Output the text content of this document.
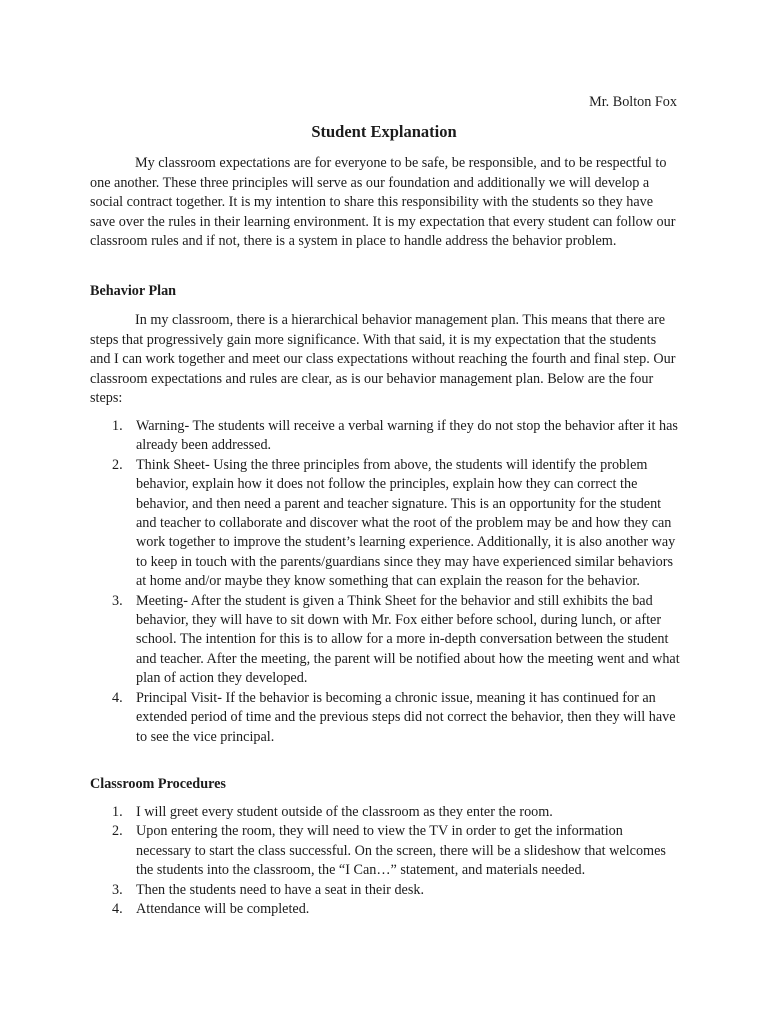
Mr. Bolton Fox
Student Explanation

My classroom expectations are for everyone to be safe, be responsible, and to be respectful to one another. These three principles will serve as our foundation and additionally we will develop a social contract together. It is my intention to share this responsibility with the students so they have save over the rules in their learning environment. It is my expectation that every student can follow our classroom rules and if not, there is a system in place to handle address the behavior problem.

Behavior Plan

In my classroom, there is a hierarchical behavior management plan. This means that there are steps that progressively gain more significance. With that said, it is my expectation that the students and I can work together and meet our class expectations without reaching the fourth and final step. Our classroom expectations and rules are clear, as is our behavior management plan. Below are the four steps:

1. Warning- The students will receive a verbal warning if they do not stop the behavior after it has already been addressed.
2. Think Sheet- Using the three principles from above, the students will identify the problem behavior, explain how it does not follow the principles, explain how they can correct the behavior, and then need a parent and teacher signature. This is an opportunity for the student and teacher to collaborate and discover what the root of the problem may be and how they can work together to improve the student’s learning experience. Additionally, it is also another way to keep in touch with the parents/guardians since they may have experienced similar behaviors at home and/or maybe they know something that can explain the reason for the behavior.
3. Meeting- After the student is given a Think Sheet for the behavior and still exhibits the bad behavior, they will have to sit down with Mr. Fox either before school, during lunch, or after school. The intention for this is to allow for a more in-depth conversation between the student and teacher. After the meeting, the parent will be notified about how the meeting went and what plan of action they developed.
4. Principal Visit- If the behavior is becoming a chronic issue, meaning it has continued for an extended period of time and the previous steps did not correct the behavior, then they will have to see the vice principal.
Classroom Procedures
1. I will greet every student outside of the classroom as they enter the room.
2. Upon entering the room, they will need to view the TV in order to get the information necessary to start the class successful. On the screen, there will be a slideshow that welcomes the students into the classroom, the “I Can…” statement, and materials needed.
3. Then the students need to have a seat in their desk.
4. Attendance will be completed.
